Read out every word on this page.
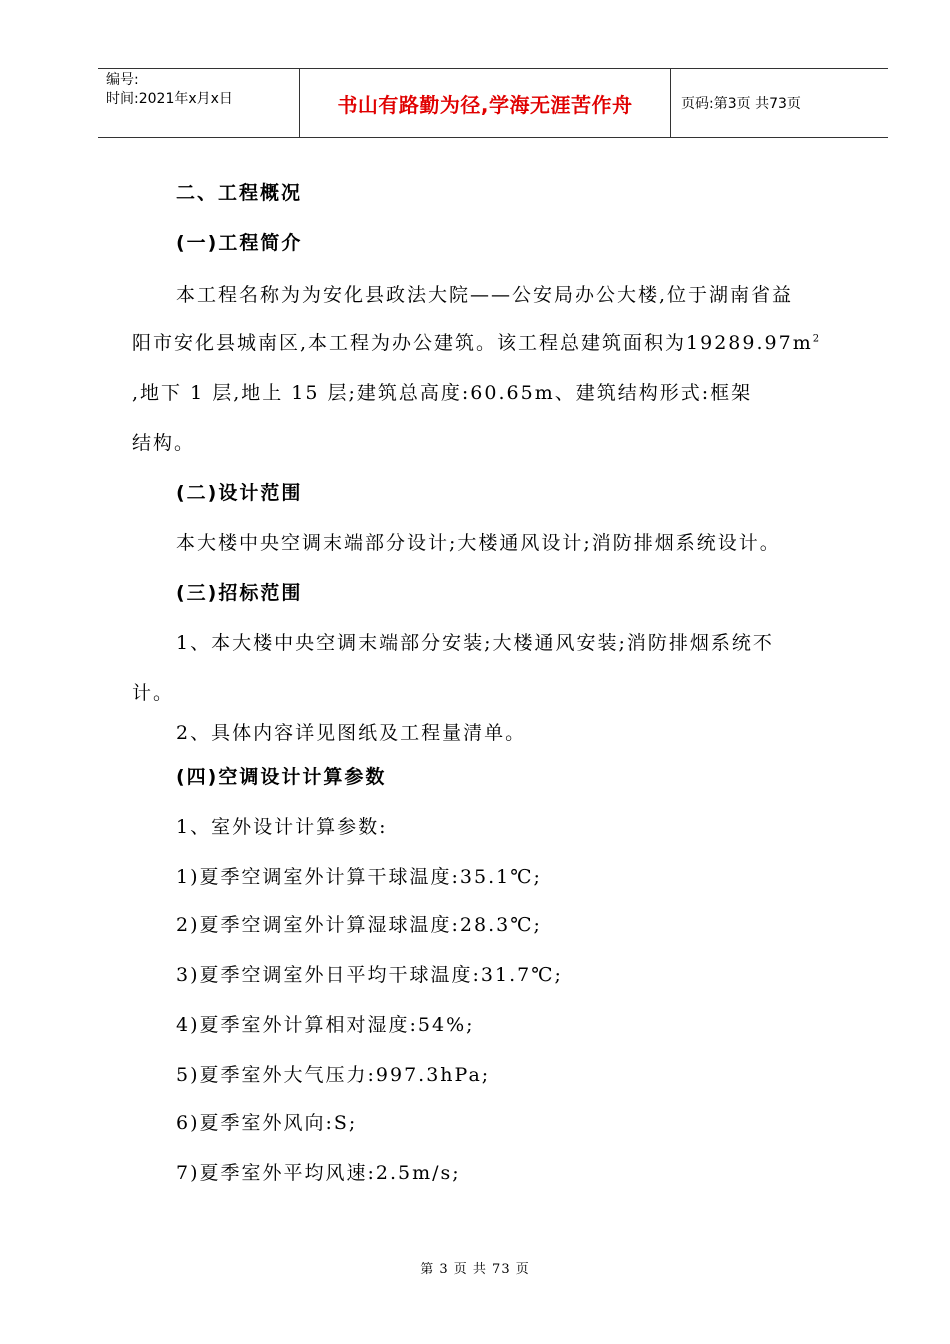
编号:
时间:2021年x月x日	书山有路勤为径,学海无涯苦作舟	页码:第3页 共73页
二、工程概况
(一)工程简介
本工程名称为为安化县政法大院——公安局办公大楼,位于湖南省益
阳市安化县城南区,本工程为办公建筑。该工程总建筑面积为$19289.97m^2$
,地下 1 层,地上 15 层;建筑总高度:60.65m、建筑结构形式:框架
结构。
(二)设计范围
本大楼中央空调末端部分设计;大楼通风设计;消防排烟系统设计。
(三)招标范围
1、本大楼中央空调末端部分安装;大楼通风安装;消防排烟系统不
计。
2、具体内容详见图纸及工程量清单。
(四)空调设计计算参数
1、室外设计计算参数:
1)夏季空调室外计算干球温度:35.1℃;
2)夏季空调室外计算湿球温度:28.3℃;
3)夏季空调室外日平均干球温度:31.7℃;
4)夏季室外计算相对湿度:54%;
5)夏季室外大气压力:997.3hPa;
6)夏季室外风向:S;
7)夏季室外平均风速:2.5m/s;
第 3 页 共 73 页
